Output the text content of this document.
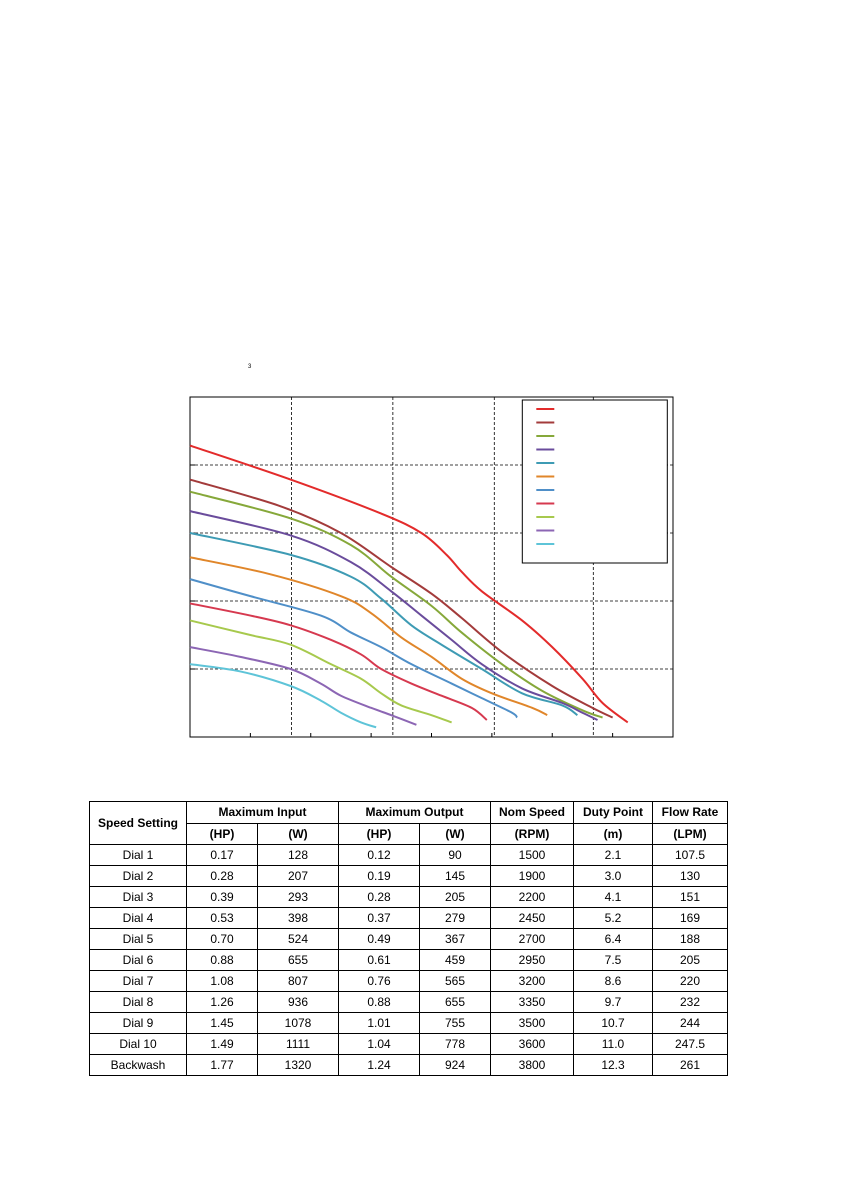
3
Speed Setting	Maximum Input		Maximum Output		Nom Speed	Duty Point	Flow Rate
	(HP)	(W)	(HP)	(W)	(RPM)	(m)	(LPM)
Dial 1	0.17	128	0.12	90	1500	2.1	107.5
Dial 2	0.28	207	0.19	145	1900	3.0	130
Dial 3	0.39	293	0.28	205	2200	4.1	151
Dial 4	0.53	398	0.37	279	2450	5.2	169
Dial 5	0.70	524	0.49	367	2700	6.4	188
Dial 6	0.88	655	0.61	459	2950	7.5	205
Dial 7	1.08	807	0.76	565	3200	8.6	220
Dial 8	1.26	936	0.88	655	3350	9.7	232
Dial 9	1.45	1078	1.01	755	3500	10.7	244
Dial 10	1.49	1111	1.04	778	3600	11.0	247.5
Backwash	1.77	1320	1.24	924	3800	12.3	261
